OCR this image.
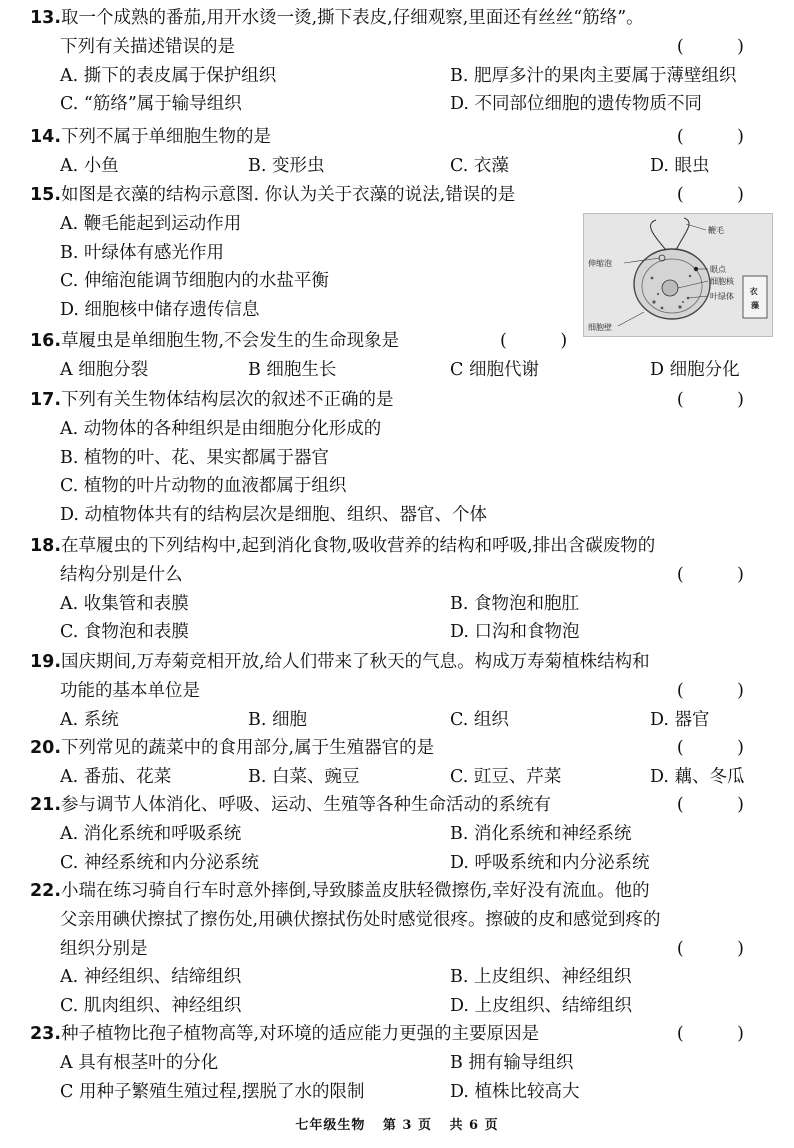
13.取一个成熟的番茄,用开水烫一烫,撕下表皮,仔细观察,里面还有丝丝“筋络”。
下列有关描述错误的是	(　)
A. 撕下的表皮属于保护组织	B. 肥厚多汁的果肉主要属于薄壁组织
C. “筋络”属于输导组织	D. 不同部位细胞的遗传物质不同
14.下列不属于单细胞生物的是	(　)
A. 小鱼	B. 变形虫	C. 衣藻	D. 眼虫
15.如图是衣藻的结构示意图. 你认为关于衣藻的说法,错误的是	(　)
A. 鞭毛能起到运动作用
B. 叶绿体有感光作用
C. 伸缩泡能调节细胞内的水盐平衡
D. 细胞核中储存遗传信息
鞭毛
伸缩泡
眼点
细胞核
叶绿体
细胞壁
衣 藻
16.草履虫是单细胞生物,不会发生的生命现象是	(　)
A 细胞分裂	B 细胞生长	C 细胞代谢	D 细胞分化
17.下列有关生物体结构层次的叙述不正确的是	(　)
A. 动物体的各种组织是由细胞分化形成的
B. 植物的叶、花、果实都属于器官
C. 植物的叶片动物的血液都属于组织
D. 动植物体共有的结构层次是细胞、组织、器官、个体
18.在草履虫的下列结构中,起到消化食物,吸收营养的结构和呼吸,排出含碳废物的
结构分别是什么	(　)
A. 收集管和表膜	B. 食物泡和胞肛
C. 食物泡和表膜	D. 口沟和食物泡
19.国庆期间,万寿菊竞相开放,给人们带来了秋天的气息。构成万寿菊植株结构和
功能的基本单位是	(　)
A. 系统	B. 细胞	C. 组织	D. 器官
20.下列常见的蔬菜中的食用部分,属于生殖器官的是	(　)
A. 番茄、花菜	B. 白菜、豌豆	C. 豇豆、芹菜	D. 藕、冬瓜
21.参与调节人体消化、呼吸、运动、生殖等各种生命活动的系统有	(　)
A. 消化系统和呼吸系统	B. 消化系统和神经系统
C. 神经系统和内分泌系统	D. 呼吸系统和内分泌系统
22.小瑞在练习骑自行车时意外摔倒,导致膝盖皮肤轻微擦伤,幸好没有流血。他的
父亲用碘伏擦拭了擦伤处,用碘伏擦拭伤处时感觉很疼。擦破的皮和感觉到疼的
组织分别是	(　)
A. 神经组织、结缔组织	B. 上皮组织、神经组织
C. 肌肉组织、神经组织	D. 上皮组织、结缔组织
23.种子植物比孢子植物高等,对环境的适应能力更强的主要原因是	(　)
A 具有根茎叶的分化	B 拥有输导组织
C 用种子繁殖生殖过程,摆脱了水的限制	D. 植株比较高大
七年级生物 第 3 页 共 6 页
